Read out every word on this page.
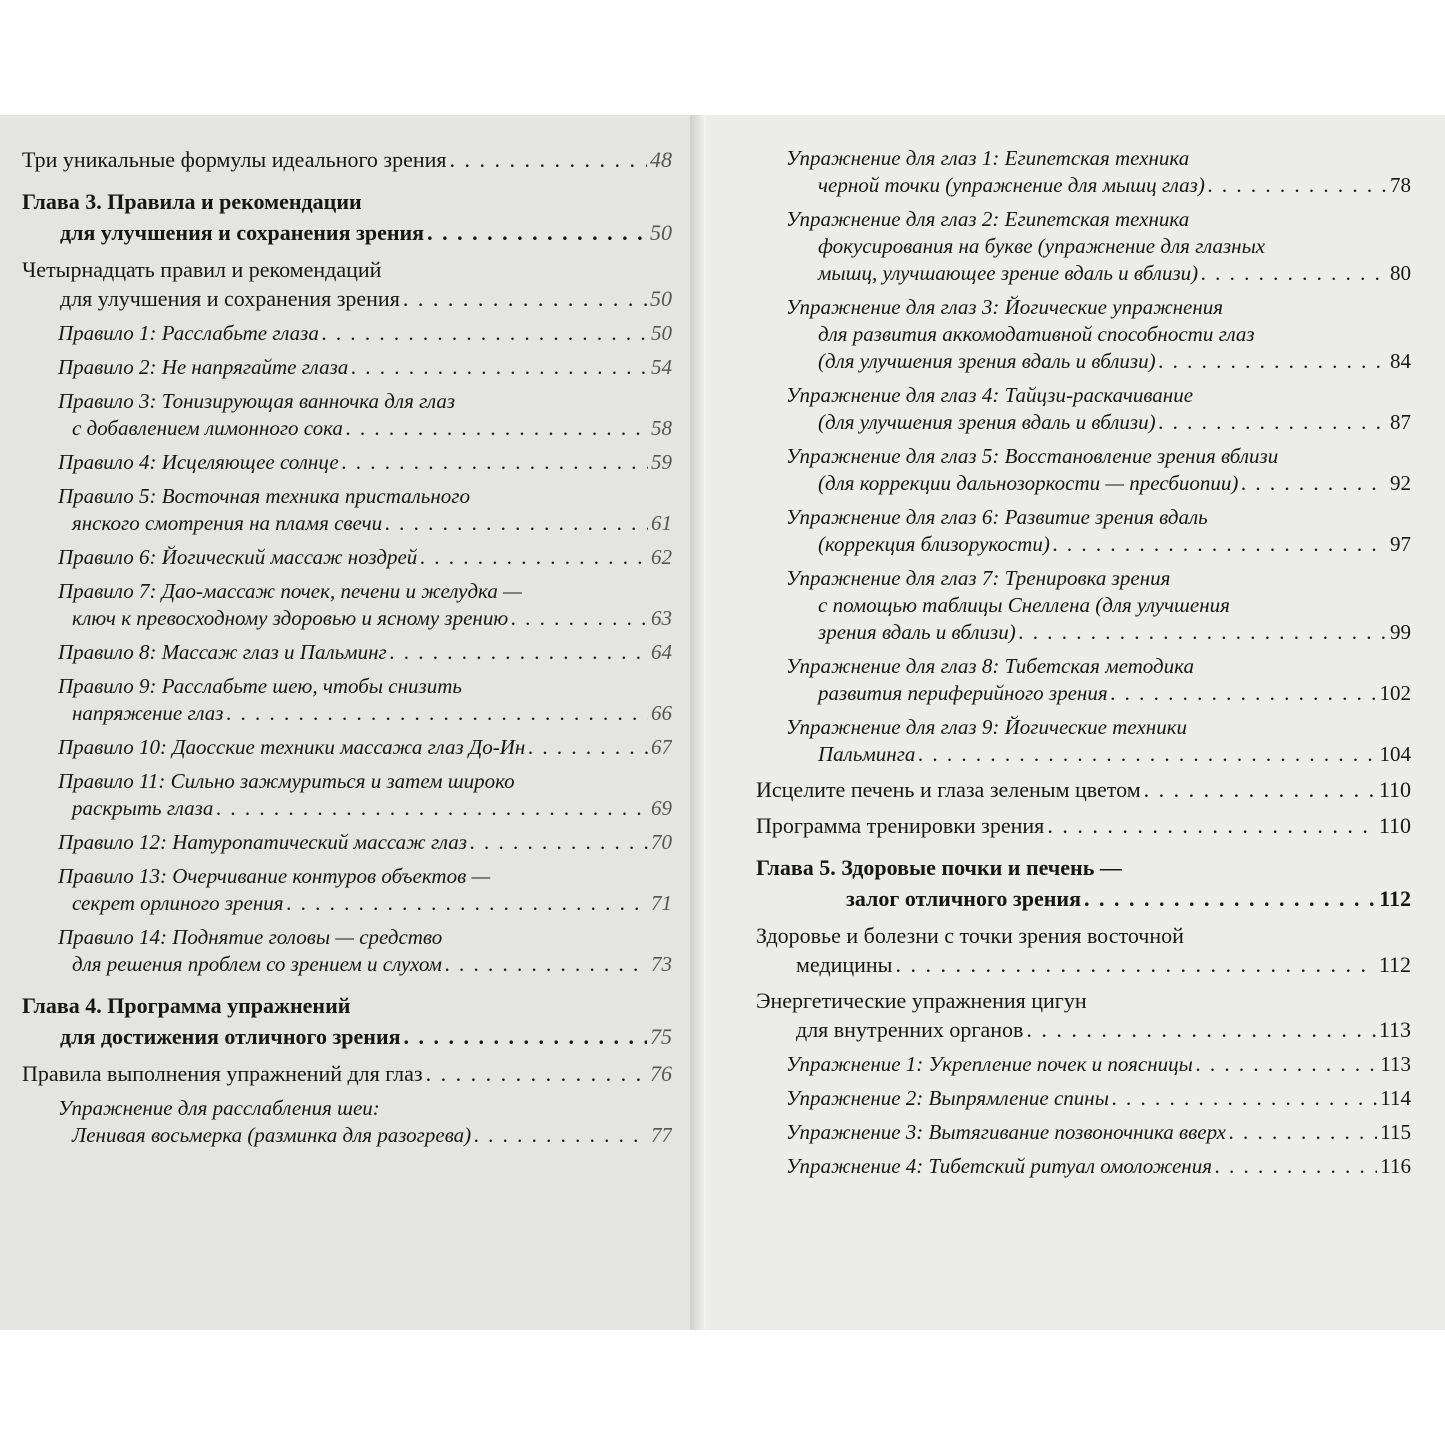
Три уникальные формулы идеального зрения . . .	48
Глава 3. Правила и рекомендации
для улучшения и сохранения зрения . . .	50
Четырнадцать правил и рекомендаций
для улучшения и сохранения зрения . . .	50
Правило 1: Расслабьте глаза . . .	50
Правило 2: Не напрягайте глаза . . .	54
Правило 3: Тонизирующая ванночка для глаз
с добавлением лимонного сока . . .	58
Правило 4: Исцеляющее солнце . . .	59
Правило 5: Восточная техника пристального
янского смотрения на пламя свечи . . .	61
Правило 6: Йогический массаж ноздрей . . .	62
Правило 7: Дао-массаж почек, печени и желудка —
ключ к превосходному здоровью и ясному зрению . . .	63
Правило 8: Массаж глаз и Пальминг . . .	64
Правило 9: Расслабьте шею, чтобы снизить
напряжение глаз . . .	66
Правило 10: Даосские техники массажа глаз До-Ин . . .	67
Правило 11: Сильно зажмуриться и затем широко
раскрыть глаза . . .	69
Правило 12: Натуропатический массаж глаз . . .	70
Правило 13: Очерчивание контуров объектов —
секрет орлиного зрения . . .	71
Правило 14: Поднятие головы — средство
для решения проблем со зрением и слухом . . .	73
Глава 4. Программа упражнений
для достижения отличного зрения . . .	75
Правила выполнения упражнений для глаз . . .	76
Упражнение для расслабления шеи:
Ленивая восьмерка (разминка для разогрева) . . .	77
Упражнение для глаз 1: Египетская техника
черной точки (упражнение для мышц глаз) . . .	78
Упражнение для глаз 2: Египетская техника
фокусирования на букве (упражнение для глазных
мышц, улучшающее зрение вдаль и вблизи) . . .	80
Упражнение для глаз 3: Йогические упражнения
для развития аккомодативной способности глаз
(для улучшения зрения вдаль и вблизи) . . .	84
Упражнение для глаз 4: Тайцзи-раскачивание
(для улучшения зрения вдаль и вблизи) . . .	87
Упражнение для глаз 5: Восстановление зрения вблизи
(для коррекции дальнозоркости — пресбиопии) . . .	92
Упражнение для глаз 6: Развитие зрения вдаль
(коррекция близорукости) . . .	97
Упражнение для глаз 7: Тренировка зрения
с помощью таблицы Снеллена (для улучшения
зрения вдаль и вблизи) . . .	99
Упражнение для глаз 8: Тибетская методика
развития периферийного зрения . . .	102
Упражнение для глаз 9: Йогические техники
Пальминга . . .	104
Исцелите печень и глаза зеленым цветом . . .	110
Программа тренировки зрения . . .	110
Глава 5. Здоровые почки и печень —
залог отличного зрения . . .	112
Здоровье и болезни с точки зрения восточной
медицины . . .	112
Энергетические упражнения цигун
для внутренних органов . . .	113
Упражнение 1: Укрепление почек и поясницы . . .	113
Упражнение 2: Выпрямление спины . . .	114
Упражнение 3: Вытягивание позвоночника вверх . . .	115
Упражнение 4: Тибетский ритуал омоложения . . .	116
